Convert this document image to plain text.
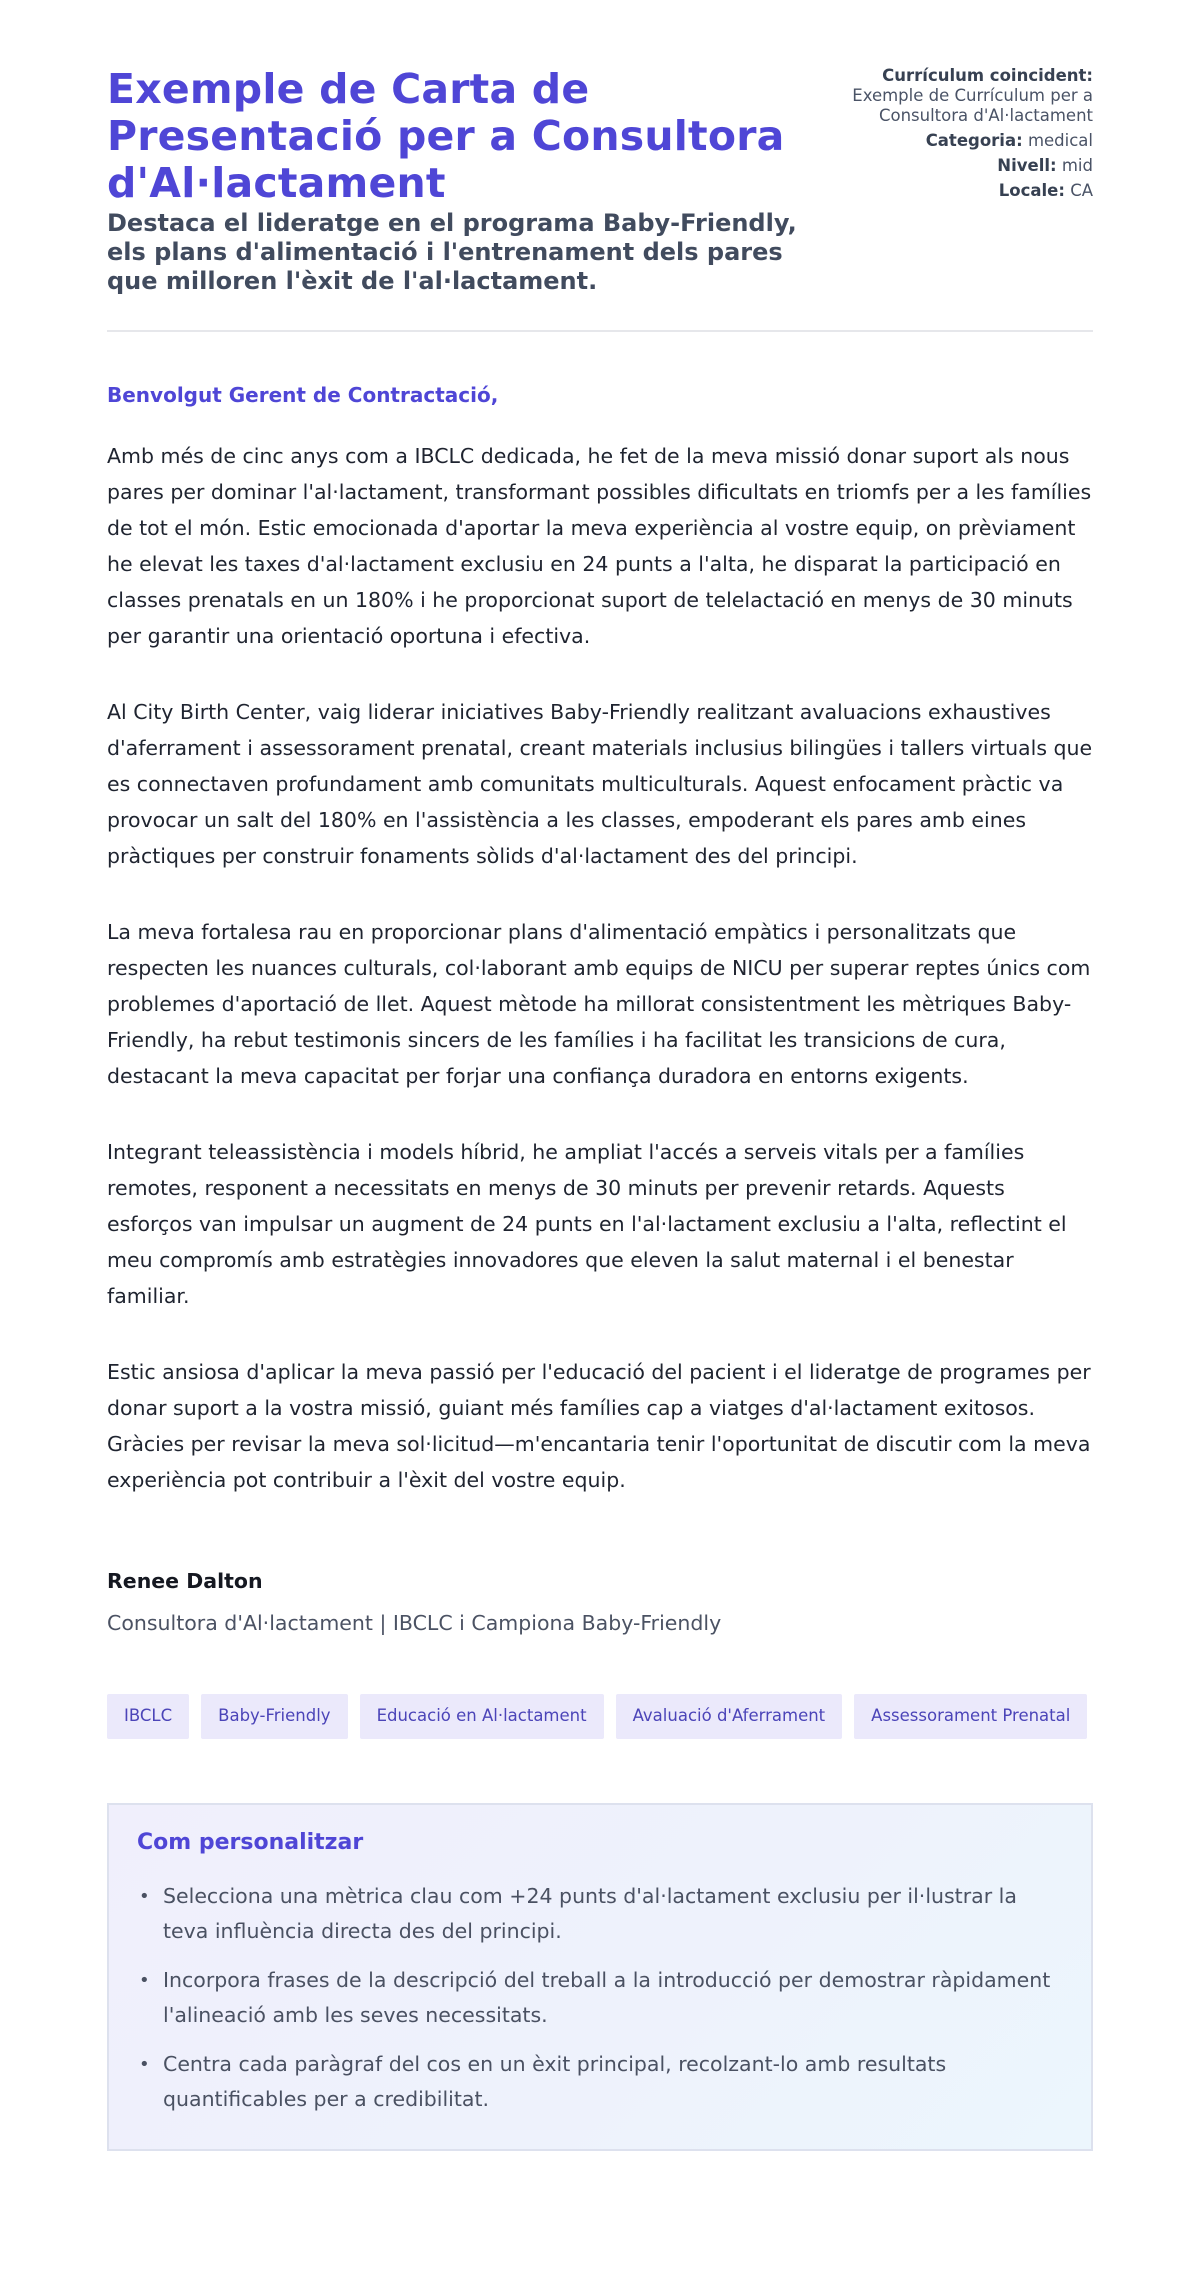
Exemple de Carta de Presentació per a Consultora d'Al·lactament
Destaca el lideratge en el programa Baby-Friendly, els plans d'alimentació i l'entrenament dels pares que milloren l'èxit de l'al·lactament.
Currículum coincident:
Exemple de Currículum per a Consultora d'Al·lactament
Categoria: medical
Nivell: mid
Locale: CA

Benvolgut Gerent de Contractació,

Amb més de cinc anys com a IBCLC dedicada, he fet de la meva missió donar suport als nous pares per dominar l'al·lactament, transformant possibles dificultats en triomfs per a les famílies de tot el món. Estic emocionada d'aportar la meva experiència al vostre equip, on prèviament he elevat les taxes d'al·lactament exclusiu en 24 punts a l'alta, he disparat la participació en classes prenatals en un 180% i he proporcionat suport de telelactació en menys de 30 minuts per garantir una orientació oportuna i efectiva.

Al City Birth Center, vaig liderar iniciatives Baby-Friendly realitzant avaluacions exhaustives d'aferrament i assessorament prenatal, creant materials inclusius bilingües i tallers virtuals que es connectaven profundament amb comunitats multiculturals. Aquest enfocament pràctic va provocar un salt del 180% en l'assistència a les classes, empoderant els pares amb eines pràctiques per construir fonaments sòlids d'al·lactament des del principi.

La meva fortalesa rau en proporcionar plans d'alimentació empàtics i personalitzats que respecten les nuances culturals, col·laborant amb equips de NICU per superar reptes únics com problemes d'aportació de llet. Aquest mètode ha millorat consistentment les mètriques Baby-Friendly, ha rebut testimonis sincers de les famílies i ha facilitat les transicions de cura, destacant la meva capacitat per forjar una confiança duradora en entorns exigents.

Integrant teleassistència i models híbrid, he ampliat l'accés a serveis vitals per a famílies remotes, responent a necessitats en menys de 30 minuts per prevenir retards. Aquests esforços van impulsar un augment de 24 punts en l'al·lactament exclusiu a l'alta, reflectint el meu compromís amb estratègies innovadores que eleven la salut maternal i el benestar familiar.

Estic ansiosa d'aplicar la meva passió per l'educació del pacient i el lideratge de programes per donar suport a la vostra missió, guiant més famílies cap a viatges d'al·lactament exitosos. Gràcies per revisar la meva sol·licitud—m'encantaria tenir l'oportunitat de discutir com la meva experiència pot contribuir a l'èxit del vostre equip.

Renee Dalton

Consultora d'Al·lactament | IBCLC i Campiona Baby-Friendly

IBCLC	Baby-Friendly	Educació en Al·lactament	Avaluació d'Aferrament	Assessorament Prenatal
Com personalitzar
• Selecciona una mètrica clau com +24 punts d'al·lactament exclusiu per il·lustrar la teva influència directa des del principi.
• Incorpora frases de la descripció del treball a la introducció per demostrar ràpidament l'alineació amb les seves necessitats.
• Centra cada paràgraf del cos en un èxit principal, recolzant-lo amb resultats quantificables per a credibilitat.
